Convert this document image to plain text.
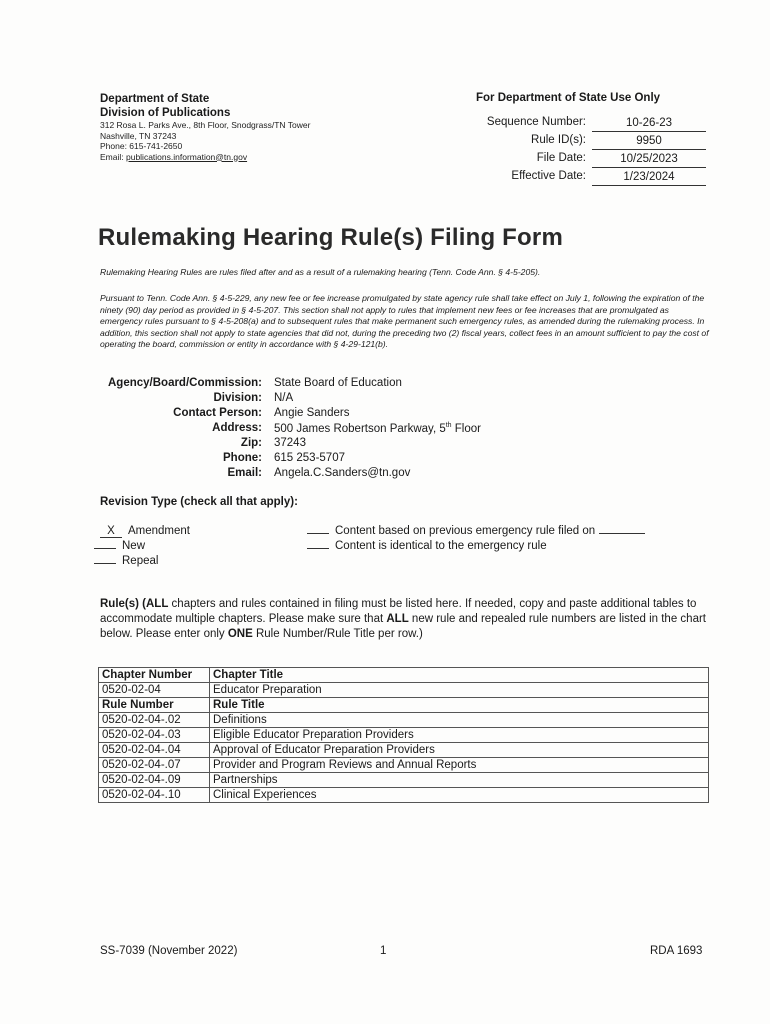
Department of State
Division of Publications
312 Rosa L. Parks Ave., 8th Floor, Snodgrass/TN Tower
Nashville, TN 37243
Phone: 615-741-2650
Email: publications.information@tn.gov
For Department of State Use Only
Sequence Number:	10-26-23
Rule ID(s):	9950
File Date:	10/25/2023
Effective Date:	1/23/2024
Rulemaking Hearing Rule(s) Filing Form
Rulemaking Hearing Rules are rules filed after and as a result of a rulemaking hearing (Tenn. Code Ann. § 4-5-205).
Pursuant to Tenn. Code Ann. § 4-5-229, any new fee or fee increase promulgated by state agency rule shall take effect on July 1, following the expiration of the ninety (90) day period as provided in § 4-5-207. This section shall not apply to rules that implement new fees or fee increases that are promulgated as emergency rules pursuant to § 4-5-208(a) and to subsequent rules that make permanent such emergency rules, as amended during the rulemaking process. In addition, this section shall not apply to state agencies that did not, during the preceding two (2) fiscal years, collect fees in an amount sufficient to pay the cost of operating the board, commission or entity in accordance with § 4-29-121(b).
Agency/Board/Commission: State Board of Education
Division: N/A
Contact Person: Angie Sanders
Address: 500 James Robertson Parkway, 5th Floor
Zip: 37243
Phone: 615 253-5707
Email: Angela.C.Sanders@tn.gov
Revision Type (check all that apply):
X Amendment
New
Repeal
Content based on previous emergency rule filed on
Content is identical to the emergency rule
Rule(s) (ALL chapters and rules contained in filing must be listed here. If needed, copy and paste additional tables to accommodate multiple chapters. Please make sure that ALL new rule and repealed rule numbers are listed in the chart below. Please enter only ONE Rule Number/Rule Title per row.)
Chapter Number	Chapter Title
0520-02-04	Educator Preparation
Rule Number	Rule Title
0520-02-04-.02	Definitions
0520-02-04-.03	Eligible Educator Preparation Providers
0520-02-04-.04	Approval of Educator Preparation Providers
0520-02-04-.07	Provider and Program Reviews and Annual Reports
0520-02-04-.09	Partnerships
0520-02-04-.10	Clinical Experiences
SS-7039 (November 2022)	1	RDA 1693
